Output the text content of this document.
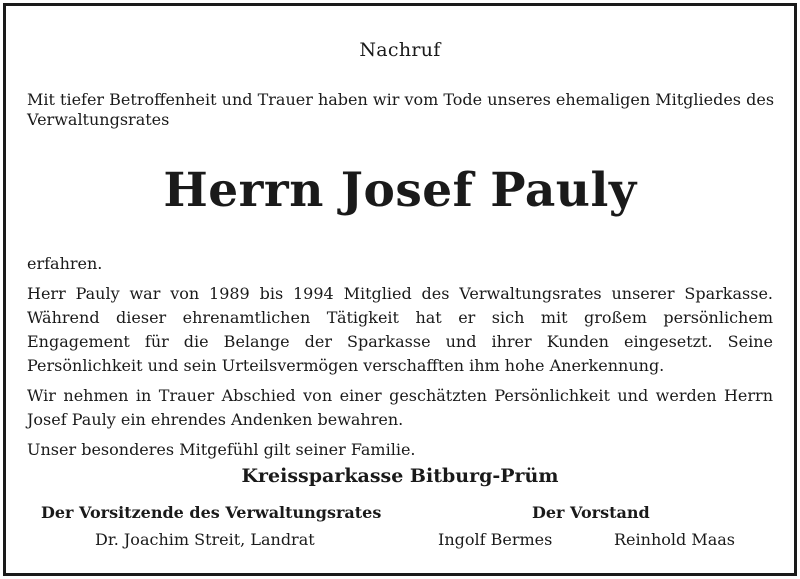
Nachruf
Mit tiefer Betroffenheit und Trauer haben wir vom Tode unseres ehemaligen Mitgliedes des Verwaltungsrates
Herrn Josef Pauly

erfahren.

Herr Pauly war von 1989 bis 1994 Mitglied des Verwaltungsrates unserer Sparkasse. Während dieser ehrenamtlichen Tätigkeit hat er sich mit großem persönlichem Engagement für die Belange der Sparkasse und ihrer Kunden eingesetzt. Seine Persönlichkeit und sein Urteilsvermögen verschafften ihm hohe Anerkennung.

Wir nehmen in Trauer Abschied von einer geschätzten Persönlichkeit und werden Herrn Josef Pauly ein ehrendes Andenken bewahren.

Unser besonderes Mitgefühl gilt seiner Familie.

Kreissparkasse Bitburg-Prüm
Der Vorsitzende des Verwaltungsrates	Der Vorstand
Dr. Joachim Streit, Landrat	Ingolf Bermes	Reinhold Maas
